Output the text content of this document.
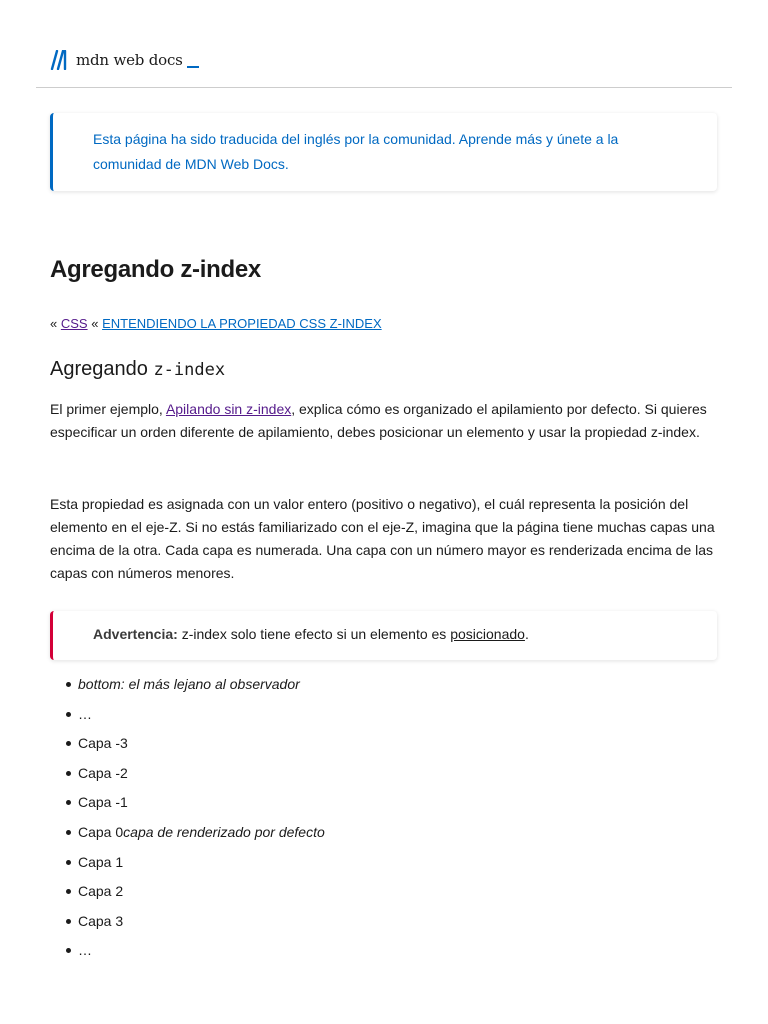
mdn web docs
Esta página ha sido traducida del inglés por la comunidad. Aprende más y únete a la comunidad de MDN Web Docs.
Agregando z-index
« CSS « ENTENDIENDO LA PROPIEDAD CSS Z-INDEX
Agregando z-index

El primer ejemplo, Apilando sin z-index, explica cómo es organizado el apilamiento por defecto. Si quieres especificar un orden diferente de apilamiento, debes posicionar un elemento y usar la propiedad z-index.

Esta propiedad es asignada con un valor entero (positivo o negativo), el cuál representa la posición del elemento en el eje-Z. Si no estás familiarizado con el eje-Z, imagina que la página tiene muchas capas una encima de la otra. Cada capa es numerada. Una capa con un número mayor es renderizada encima de las capas con números menores.

Advertencia: z-index solo tiene efecto si un elemento es posicionado.
bottom: el más lejano al observador
…
Capa -3
Capa -2
Capa -1
Capa 0capa de renderizado por defecto
Capa 1
Capa 2
Capa 3
…
